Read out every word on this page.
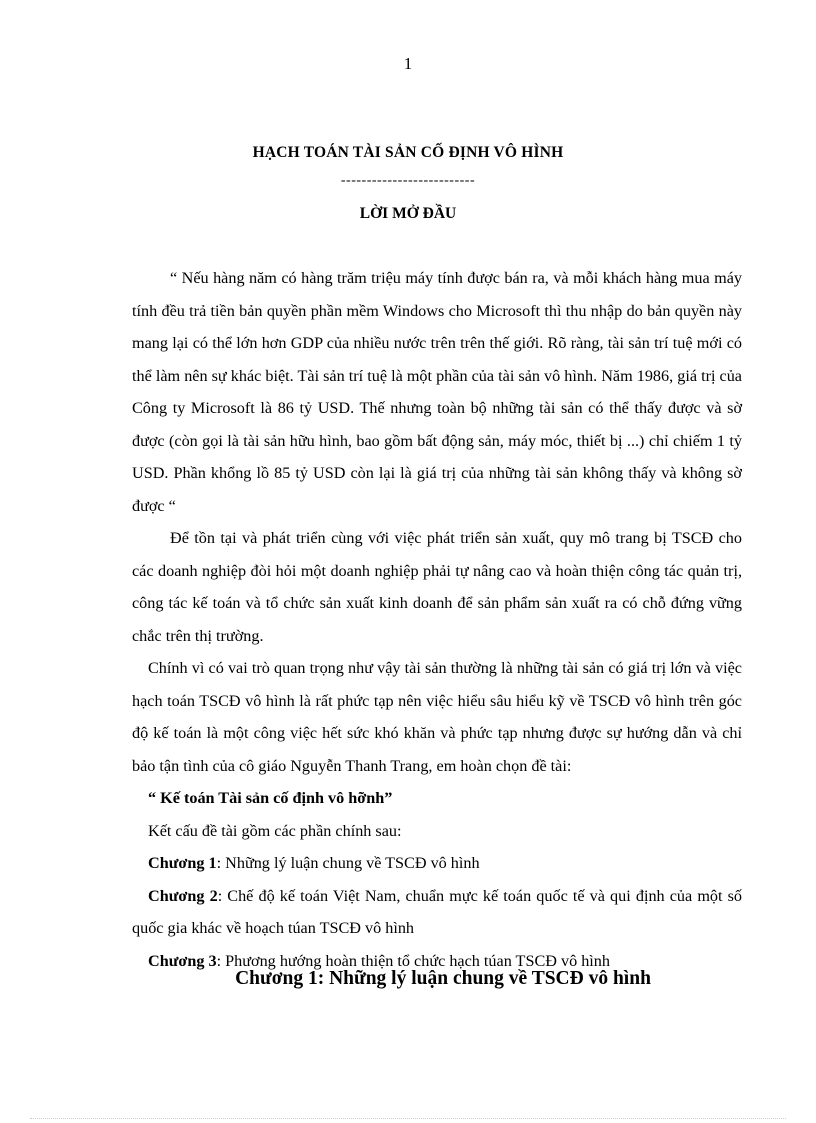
1
HẠCH TOÁN TÀI SẢN CỐ ĐỊNH VÔ HÌNH
--------------------------
LỜI MỞ ĐẦU

“ Nếu hàng năm có hàng trăm triệu máy tính được bán ra, và mỗi khách hàng mua máy tính đều trả tiền bản quyền phần mềm Windows cho Microsoft thì thu nhập do bản quyền này mang lại có thể lớn hơn GDP của nhiều nước trên trên thế giới. Rõ ràng, tài sản trí tuệ mới có thể làm nên sự khác biệt. Tài sản trí tuệ là một phần của tài sản vô hình. Năm 1986, giá trị của Công ty Microsoft là 86 tỷ USD. Thế nhưng toàn bộ những tài sản có thể thấy được và sờ được (còn gọi là tài sản hữu hình, bao gồm bất động sản, máy móc, thiết bị ...) chỉ chiếm 1 tỷ USD. Phần khổng lồ 85 tỷ USD còn lại là giá trị của những tài sản không thấy và không sờ được “

Để tồn tại và phát triển cùng với việc phát triển sản xuất, quy mô trang bị TSCĐ cho các doanh nghiệp đòi hỏi một doanh nghiệp phải tự nâng cao và hoàn thiện công tác quản trị, công tác kế toán và tổ chức sản xuất kinh doanh để sản phẩm sản xuất ra có chỗ đứng vững chắc trên thị trường.

Chính vì có vai trò quan trọng như vậy tài sản thường là những tài sản có giá trị lớn và việc hạch toán TSCĐ vô hình là rất phức tạp nên việc hiểu sâu hiểu kỹ về TSCĐ vô hình trên góc độ kế toán là một công việc hết sức khó khăn và phức tạp nhưng được sự hướng dẫn và chỉ bảo tận tình của cô giáo Nguyễn Thanh Trang, em hoàn chọn đề tài:

“ Kế toán Tài sản cố định vô hỡnh”

Kết cấu đề tài gồm các phần chính sau:

Chương 1: Những lý luận chung về TSCĐ vô hình

Chương 2: Chế độ kế toán Việt Nam, chuẩn mực kế toán quốc tế và qui định của một số quốc gia khác về hoạch túan TSCĐ vô hình

Chương 3: Phương hướng hoàn thiện tổ chức hạch túan TSCĐ vô hình

Chương 1: Những lý luận chung về TSCĐ vô hình
